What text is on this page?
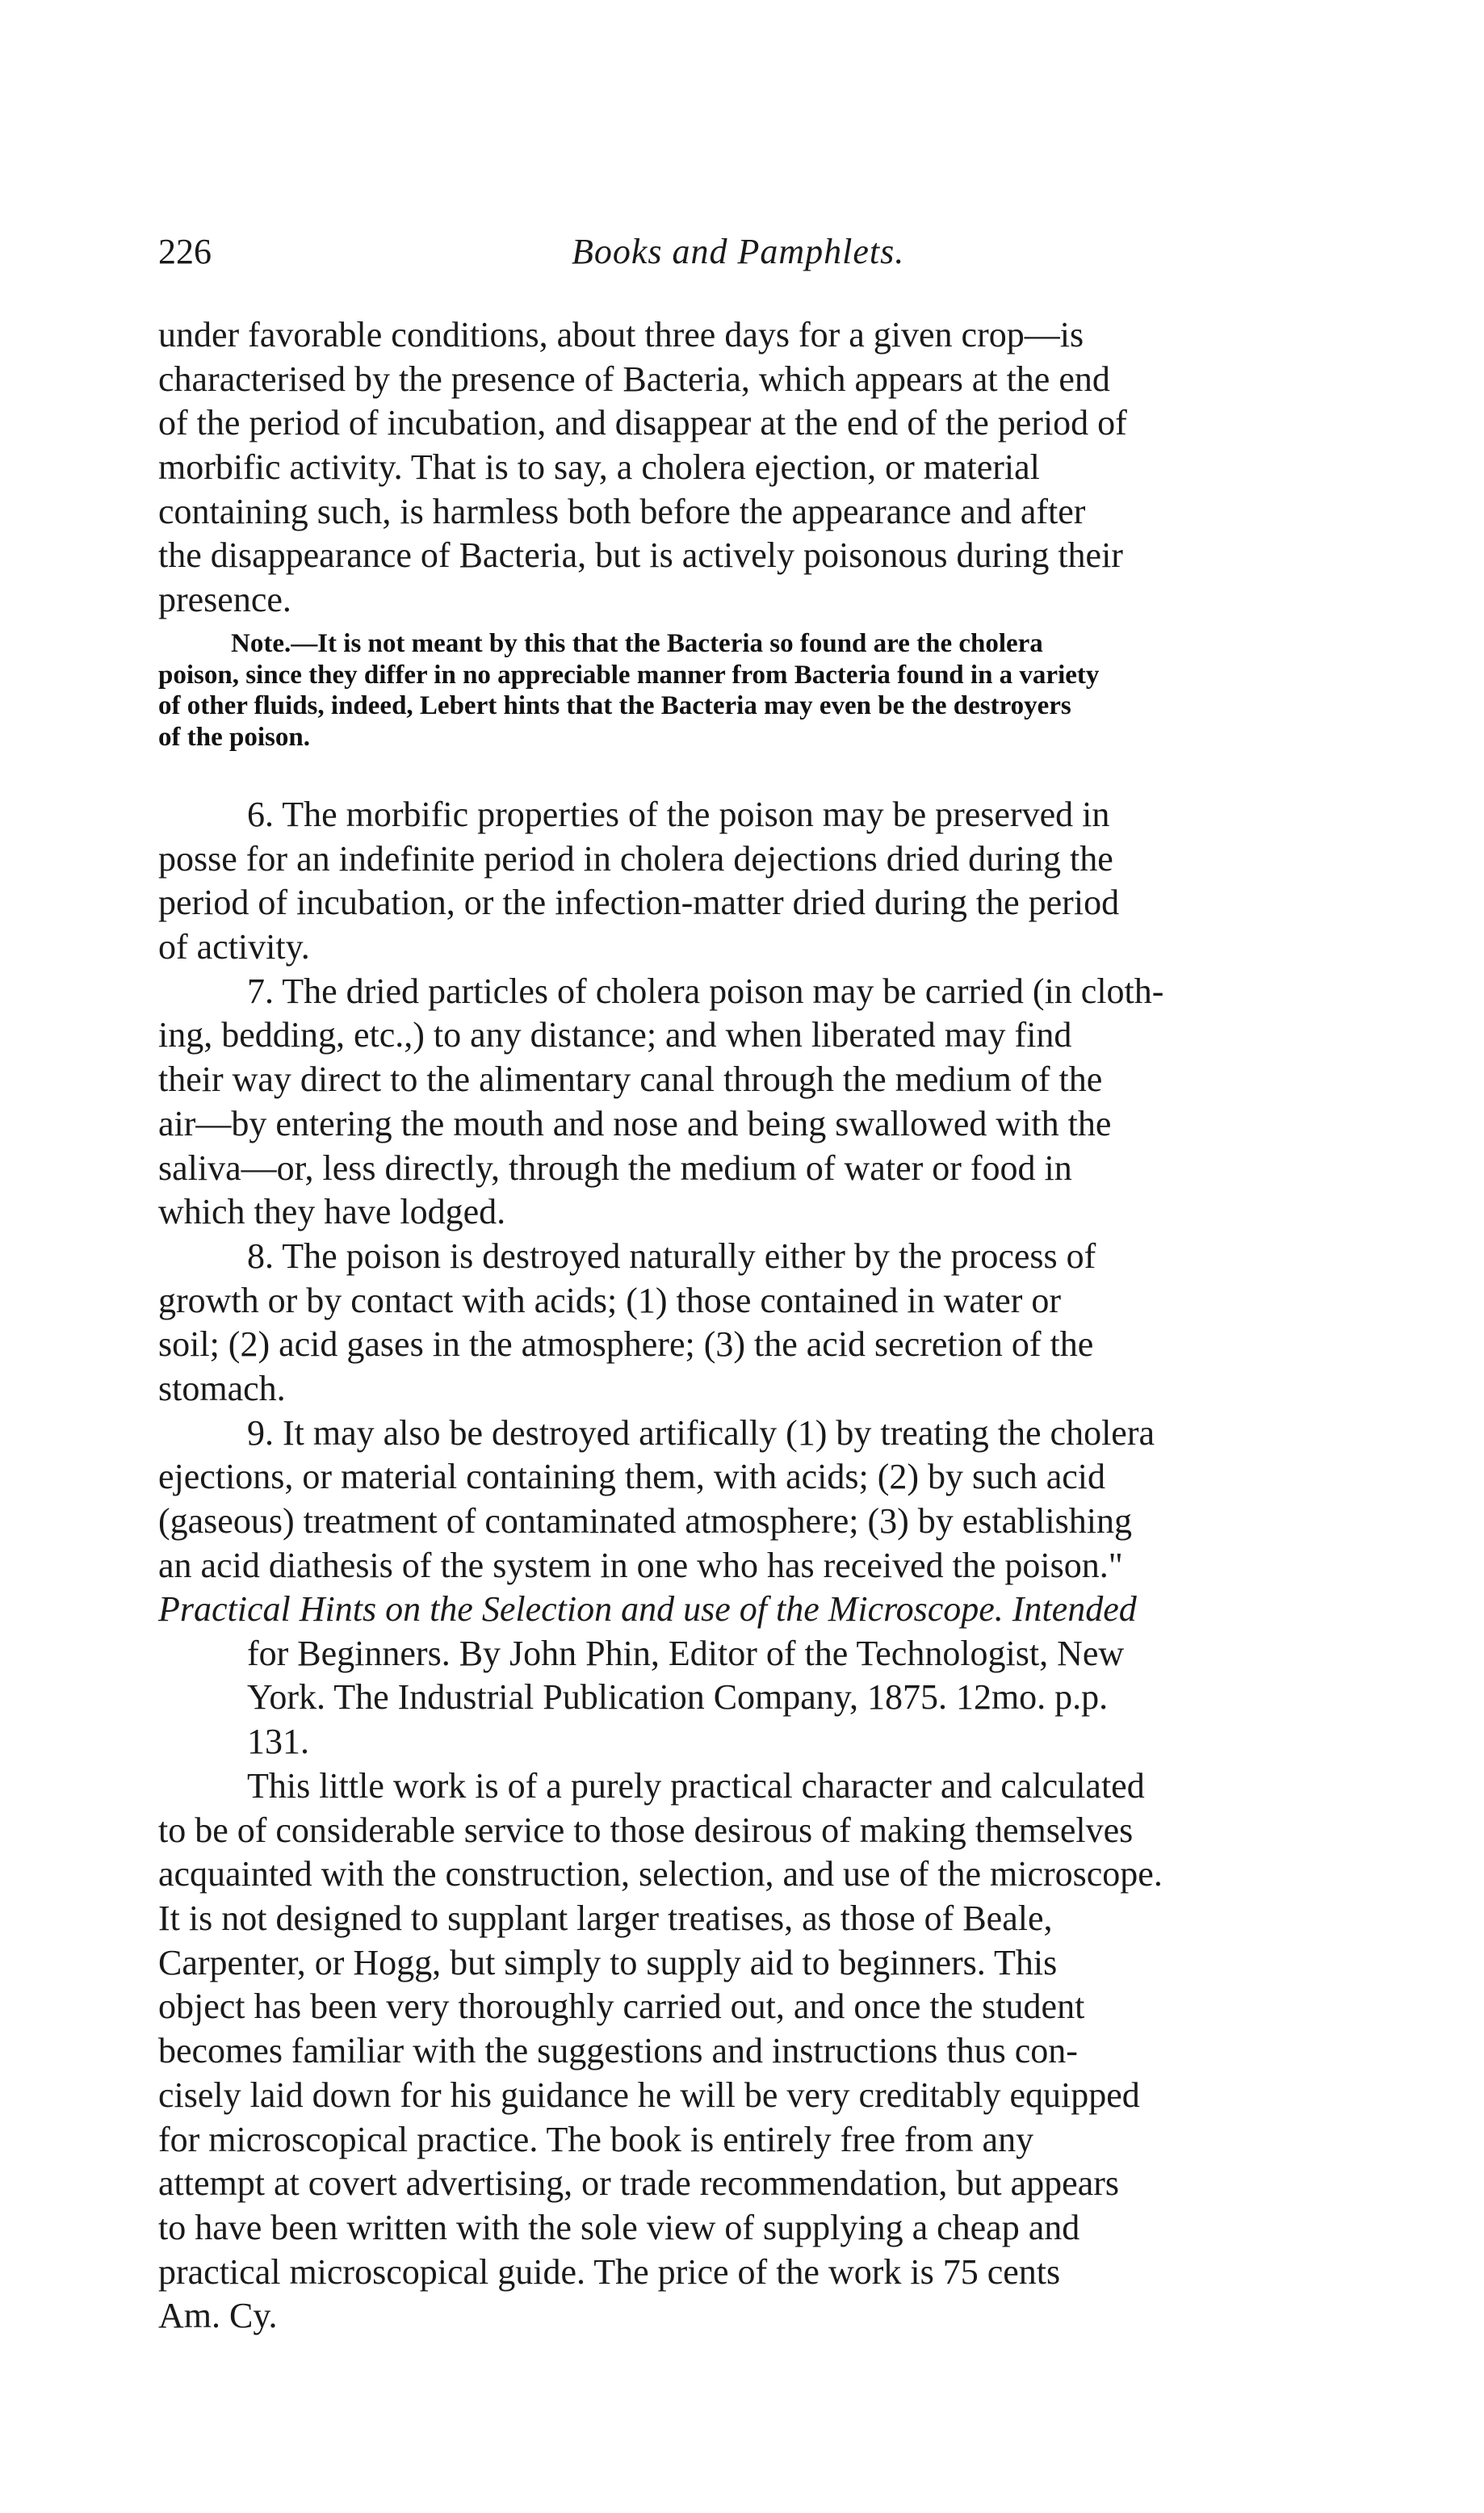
226	Books and Pamphlets.
under favorable conditions, about three days for a given crop—is
characterised by the presence of Bacteria, which appears at the end
of the period of incubation, and disappear at the end of the period of
morbific activity. That is to say, a cholera ejection, or material
containing such, is harmless both before the appearance and after
the disappearance of Bacteria, but is actively poisonous during their
presence.
Note.—It is not meant by this that the Bacteria so found are the cholera
poison, since they differ in no appreciable manner from Bacteria found in a variety
of other fluids, indeed, Lebert hints that the Bacteria may even be the destroyers
of the poison.
6. The morbific properties of the poison may be preserved in
posse for an indefinite period in cholera dejections dried during the
period of incubation, or the infection-matter dried during the period
of activity.
7. The dried particles of cholera poison may be carried (in cloth-
ing, bedding, etc.,) to any distance; and when liberated may find
their way direct to the alimentary canal through the medium of the
air—by entering the mouth and nose and being swallowed with the
saliva—or, less directly, through the medium of water or food in
which they have lodged.
8. The poison is destroyed naturally either by the process of
growth or by contact with acids; (1) those contained in water or
soil; (2) acid gases in the atmosphere; (3) the acid secretion of the
stomach.
9. It may also be destroyed artifically (1) by treating the cholera
ejections, or material containing them, with acids; (2) by such acid
(gaseous) treatment of contaminated atmosphere; (3) by establishing
an acid diathesis of the system in one who has received the poison."
Practical Hints on the Selection and use of the Microscope. Intended
for Beginners. By John Phin, Editor of the Technologist, New
York. The Industrial Publication Company, 1875. 12mo. p.p.
131.
This little work is of a purely practical character and calculated
to be of considerable service to those desirous of making themselves
acquainted with the construction, selection, and use of the microscope.
It is not designed to supplant larger treatises, as those of Beale,
Carpenter, or Hogg, but simply to supply aid to beginners. This
object has been very thoroughly carried out, and once the student
becomes familiar with the suggestions and instructions thus con-
cisely laid down for his guidance he will be very creditably equipped
for microscopical practice. The book is entirely free from any
attempt at covert advertising, or trade recommendation, but appears
to have been written with the sole view of supplying a cheap and
practical microscopical guide. The price of the work is 75 cents
Am. Cy.
